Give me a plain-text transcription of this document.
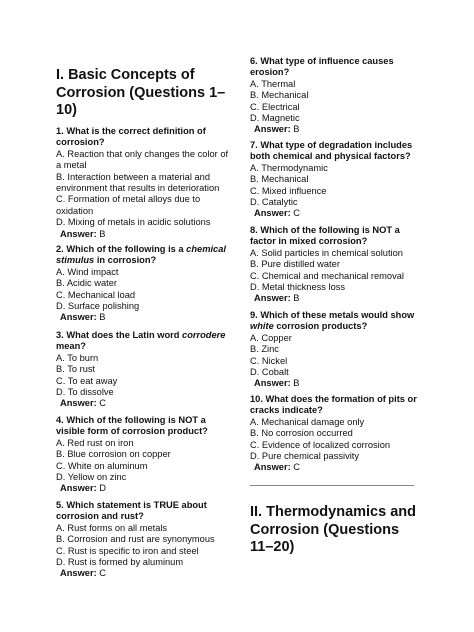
I. Basic Concepts of Corrosion (Questions 1–10)

1. What is the correct definition of corrosion?

A. Reaction that only changes the color of a metal

B. Interaction between a material and environment that results in deterioration

C. Formation of metal alloys due to oxidation

D. Mixing of metals in acidic solutions

Answer: B

2. Which of the following is a chemical stimulus in corrosion?

A. Wind impact

B. Acidic water

C. Mechanical load

D. Surface polishing

Answer: B

3. What does the Latin word corrodere mean?

A. To burn

B. To rust

C. To eat away

D. To dissolve

Answer: C

4. Which of the following is NOT a visible form of corrosion product?

A. Red rust on iron

B. Blue corrosion on copper

C. White on aluminum

D. Yellow on zinc

Answer: D

5. Which statement is TRUE about corrosion and rust?

A. Rust forms on all metals

B. Corrosion and rust are synonymous

C. Rust is specific to iron and steel

D. Rust is formed by aluminum

Answer: C

6. What type of influence causes erosion?

A. Thermal

B. Mechanical

C. Electrical

D. Magnetic

Answer: B

7. What type of degradation includes both chemical and physical factors?

A. Thermodynamic

B. Mechanical

C. Mixed influence

D. Catalytic

Answer: C

8. Which of the following is NOT a factor in mixed corrosion?

A. Solid particles in chemical solution

B. Pure distilled water

C. Chemical and mechanical removal

D. Metal thickness loss

Answer: B

9. Which of these metals would show white corrosion products?

A. Copper

B. Zinc

C. Nickel

D. Cobalt

Answer: B

10. What does the formation of pits or cracks indicate?

A. Mechanical damage only

B. No corrosion occurred

C. Evidence of localized corrosion

D. Pure chemical passivity

Answer: C

II. Thermodynamics and Corrosion (Questions 11–20)
